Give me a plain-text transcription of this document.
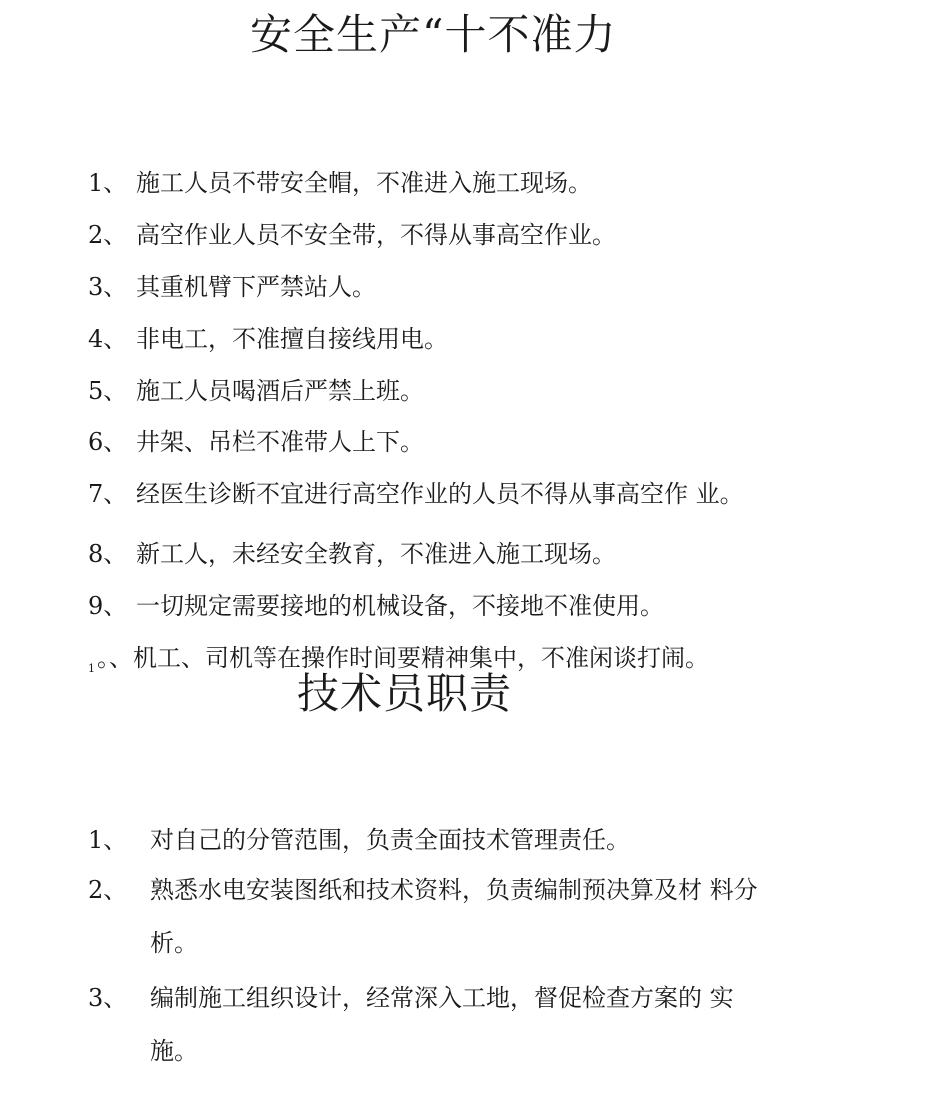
安全生产“十不准力
1、 施工人员不带安全帽，不准进入施工现场。
2、 高空作业人员不安全带，不得从事高空作业。
3、 其重机臂下严禁站人。
4、 非电工，不准擅自接线用电。
5、 施工人员喝酒后严禁上班。
6、 井架、吊栏不准带人上下。
7、 经医生诊断不宜进行高空作业的人员不得从事高空作 业。
8、 新工人，未经安全教育，不准进入施工现场。
9、 一切规定需要接地的机械设备，不接地不准使用。
$_1$。、机工、司机等在操作时间要精神集中，不准闲谈打闹。
技术员职责
1、 对自己的分管范围，负责全面技术管理责任。
2、 熟悉水电安装图纸和技术资料，负责编制预决算及材 料分
析。
3、 编制施工组织设计，经常深入工地，督促检查方案的 实
施。
